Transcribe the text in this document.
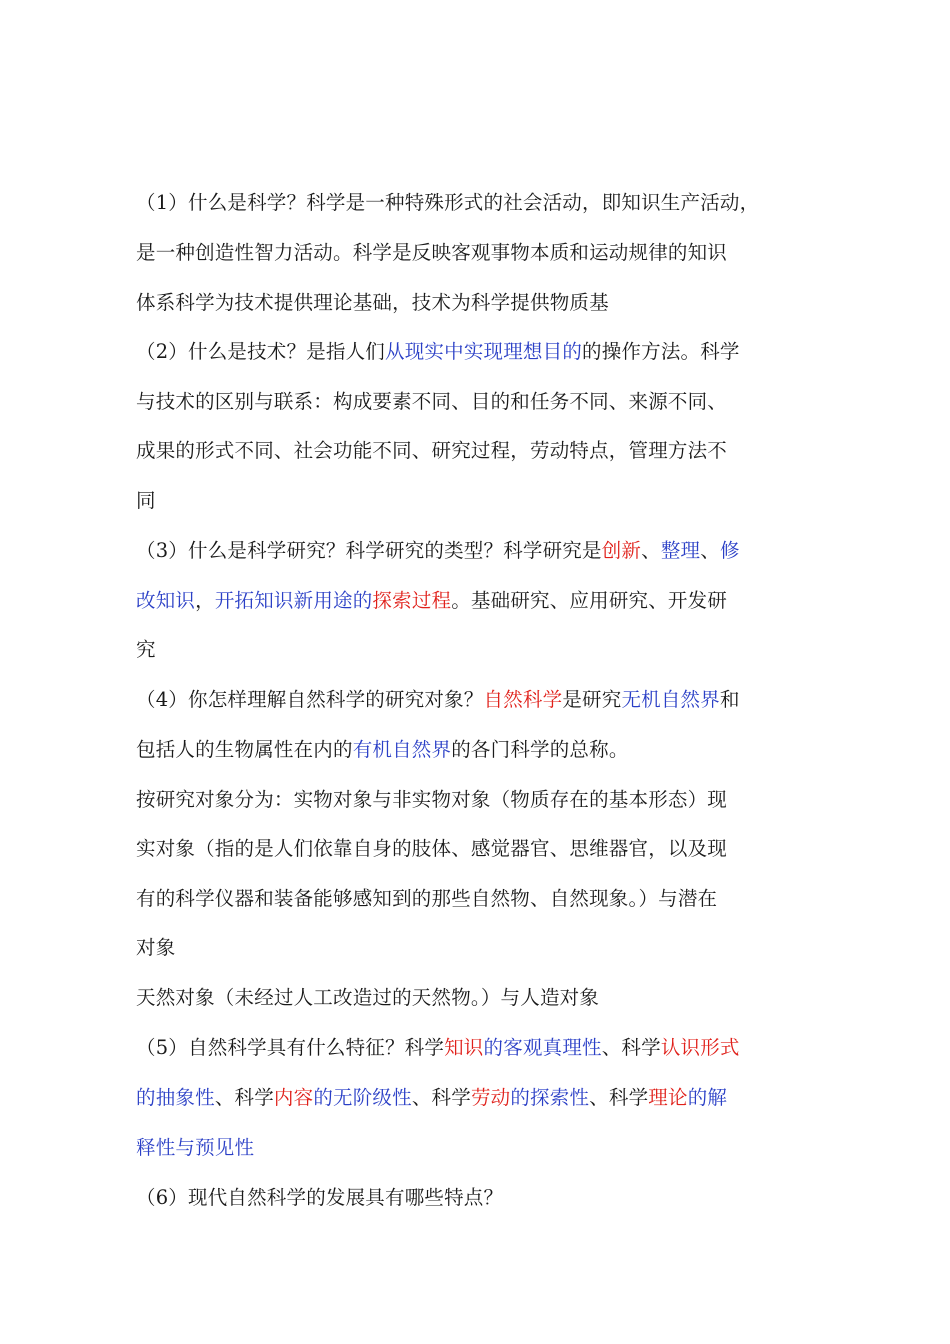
（1）什么是科学？科学是一种特殊形式的社会活动，即知识生产活动，
是一种创造性智力活动。科学是反映客观事物本质和运动规律的知识
体系科学为技术提供理论基础，技术为科学提供物质基
（2）什么是技术？是指人们从现实中实现理想目的的操作方法。科学
与技术的区别与联系：构成要素不同、目的和任务不同、来源不同、
成果的形式不同、社会功能不同、研究过程，劳动特点，管理方法不
同
（3）什么是科学研究？科学研究的类型？科学研究是创新、整理、修
改知识，开拓知识新用途的探索过程。基础研究、应用研究、开发研
究
（4）你怎样理解自然科学的研究对象？自然科学是研究无机自然界和
包括人的生物属性在内的有机自然界的各门科学的总称。
按研究对象分为：实物对象与非实物对象（物质存在的基本形态）现
实对象（指的是人们依靠自身的肢体、感觉器官、思维器官，以及现
有的科学仪器和装备能够感知到的那些自然物、自然现象。）与潜在
对象
天然对象（未经过人工改造过的天然物。）与人造对象
（5）自然科学具有什么特征？科学知识的客观真理性、科学认识形式
的抽象性、科学内容的无阶级性、科学劳动的探索性、科学理论的解
释性与预见性
（6）现代自然科学的发展具有哪些特点？
